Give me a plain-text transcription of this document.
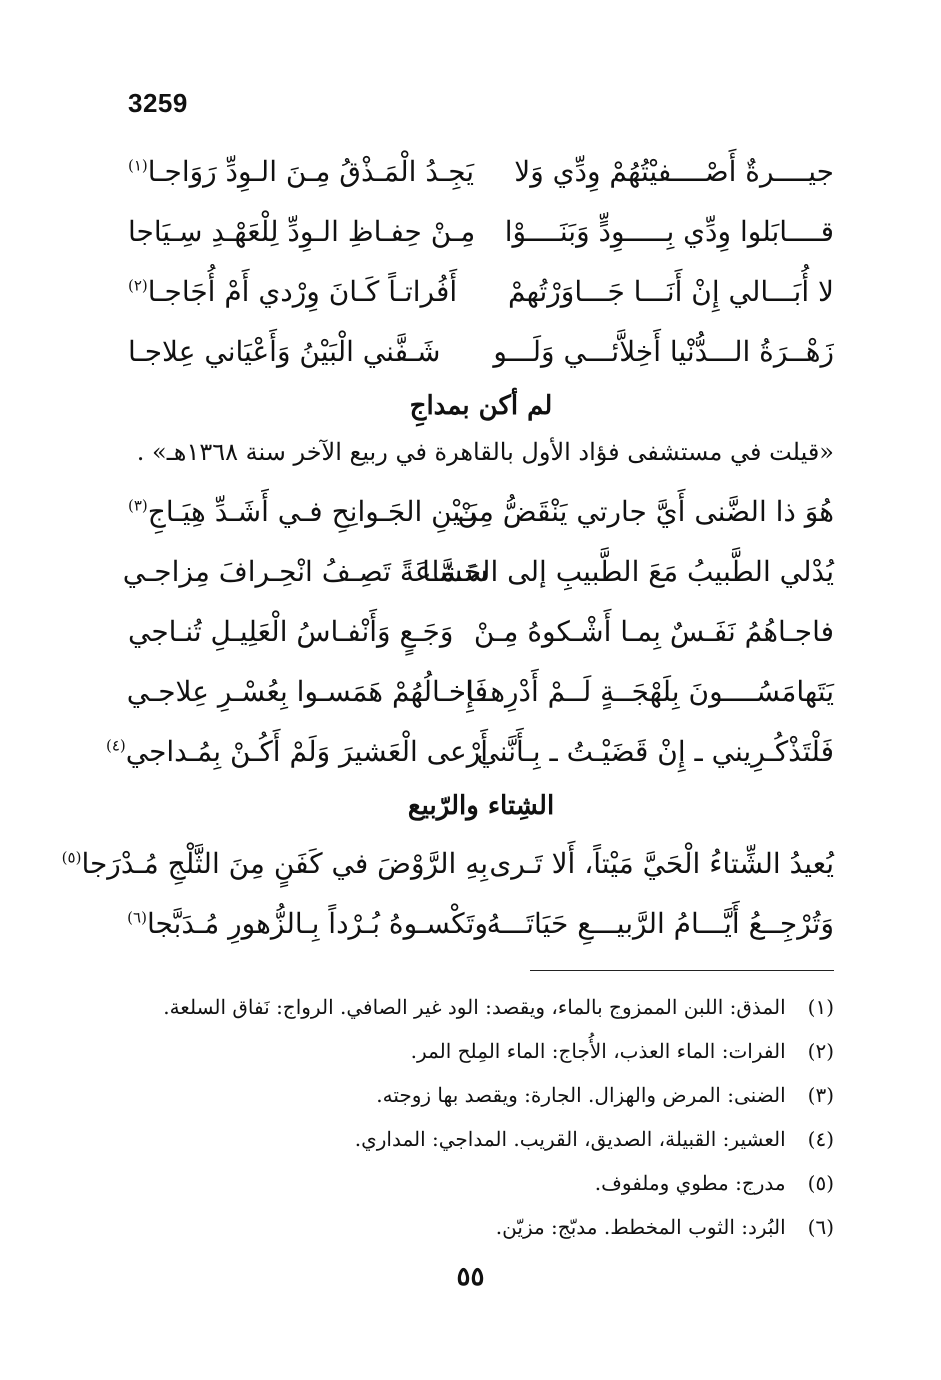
3259
جيــــرةٌ أَصْــــفيْتُهُمْ وِدِّي وَلا
يَجِـدُ الْمَـذْقُ مِـنَ الـوِدِّ رَوَاجـا$^{(١)}$
قــــابَلوا وِدِّي بِـــــوِدٍّ وَبَنَــــوْا
مِـنْ حِفـاظِ الـوِدِّ لِلْعَهْـدِ سِـيَاجا
لا أُبَـــالي إِنْ أَنَـــا جَـــاوَرْتُهمْ
أَفُراتـاً كَـانَ وِرْدي أَمْ أُجَاجـا$^{(٢)}$
زَهْــرَةُ الـــدُّنْيا أَخِلاَّئـــي وَلَـــو
شَـفَّني الْبَيْنُ وَأَعْيَاني عِلاجـا
لم أكن بمداجِ
«قيلت في مستشفى فؤاد الأول بالقاهرة في ربيع الآخر سنة ١٣٦٨هـ» .
هُوَ ذا الضَّنى أَيَّ جارتي يَنْقَضُّ مِنْ
بَـيْنِ الجَـوانِحِ فـي أَشَـدِّ هِيَـاجِ$^{(٣)}$
يُدْلي الطَّبيبُ مَعَ الطَّبيبِ إلى الحَشـا
سَـمَّاعَةً تَصِـفُ انْحِـرافَ مِزاجـي
فاجـاهُمُ نَفَـسٌ بِمـا أَشْـكوهُ مِـنْ
وَجَـعٍ وَأَنْفـاسُ الْعَلِيـلِ تُنـاجي
يَتَهامَسُــــونَ بِلَهْجَــةٍ لَــمْ أَدْرِهــا
فَإِخـالُهُمْ هَمَسـوا بِعُسْـرِ عِلاجـي
فَلْتَذْكُـرِيني ـ إِنْ قَضَيْـتُ ـ بِـأَنَّني
أَرْعى الْعَشيرَ وَلَمْ أَكُـنْ بِمُـداجي$^{(٤)}$
الشِتاء والرّبيع
يُعيدُ الشِّتاءُ الْحَيَّ مَيْتاً، أَلا تَـرى
بِهِ الرَّوْضَ في كَفَنٍ مِنَ الثَّلْجِ مُـدْرَجا$^{(٥)}$
وَتُرْجِــعُ أَيَّـــامُ الرَّبيـــعِ حَيَاتَـــهُ
وتَكْسـوهُ بُـرْداً بِـالزُّهورِ مُـدَبَّجا$^{(٦)}$
(١) المذق: اللبن الممزوج بالماء، ويقصد: الود غير الصافي. الرواج: نَفاق السلعة.
(٢) الفرات: الماء العذب، الأُجاج: الماء المِلح المر.
(٣) الضنى: المرض والهزال. الجارة: ويقصد بها زوجته.
(٤) العشير: القبيلة، الصديق، القريب. المداجي: المداري.
(٥) مدرج: مطوي وملفوف.
(٦) البُرد: الثوب المخطط. مدبّج: مزيّن.
٥٥
